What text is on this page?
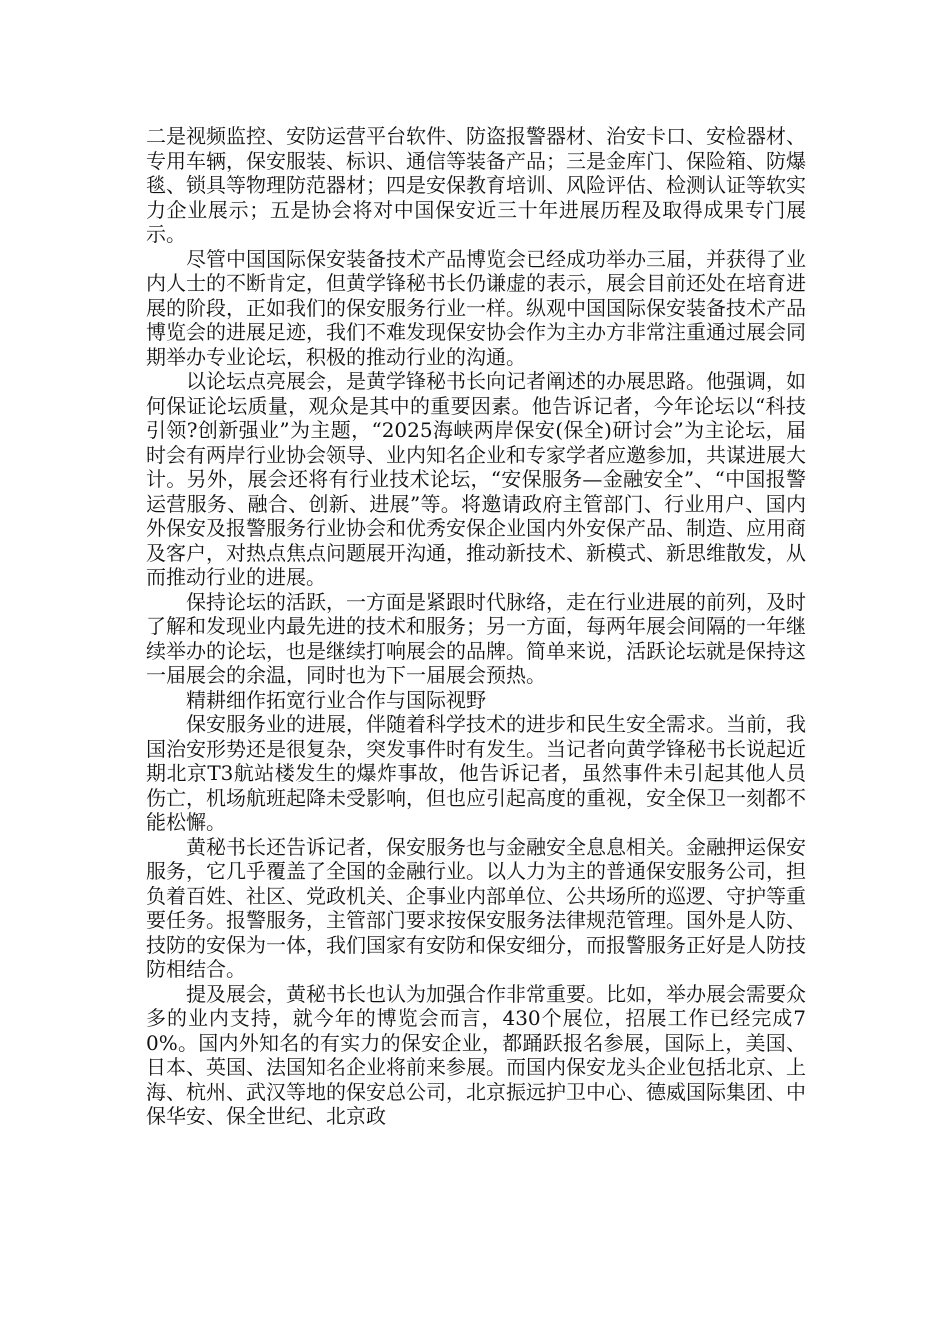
二是视频监控、安防运营平台软件、防盗报警器材、治安卡口、安检器材、专用车辆，保安服装、标识、通信等装备产品；三是金库门、保险箱、防爆毯、锁具等物理防范器材；四是安保教育培训、风险评估、检测认证等软实力企业展示；五是协会将对中国保安近三十年进展历程及取得成果专门展示。

尽管中国国际保安装备技术产品博览会已经成功举办三届，并获得了业内人士的不断肯定，但黄学锋秘书长仍谦虚的表示，展会目前还处在培育进展的阶段，正如我们的保安服务行业一样。纵观中国国际保安装备技术产品博览会的进展足迹，我们不难发现保安协会作为主办方非常注重通过展会同期举办专业论坛，积极的推动行业的沟通。

以论坛点亮展会，是黄学锋秘书长向记者阐述的办展思路。他强调，如何保证论坛质量，观众是其中的重要因素。他告诉记者，今年论坛以“科技引领?创新强业”为主题，“2025海峡两岸保安(保全)研讨会”为主论坛，届时会有两岸行业协会领导、业内知名企业和专家学者应邀参加，共谋进展大计。另外，展会还将有行业技术论坛，“安保服务—金融安全”、“中国报警运营服务、融合、创新、进展”等。将邀请政府主管部门、行业用户、国内外保安及报警服务行业协会和优秀安保企业国内外安保产品、制造、应用商及客户，对热点焦点问题展开沟通，推动新技术、新模式、新思维散发，从而推动行业的进展。

保持论坛的活跃，一方面是紧跟时代脉络，走在行业进展的前列，及时了解和发现业内最先进的技术和服务；另一方面，每两年展会间隔的一年继续举办的论坛，也是继续打响展会的品牌。简单来说，活跃论坛就是保持这一届展会的余温，同时也为下一届展会预热。

精耕细作拓宽行业合作与国际视野

保安服务业的进展，伴随着科学技术的进步和民生安全需求。当前，我国治安形势还是很复杂，突发事件时有发生。当记者向黄学锋秘书长说起近期北京T3航站楼发生的爆炸事故，他告诉记者，虽然事件未引起其他人员伤亡，机场航班起降未受影响，但也应引起高度的重视，安全保卫一刻都不能松懈。

黄秘书长还告诉记者，保安服务也与金融安全息息相关。金融押运保安服务，它几乎覆盖了全国的金融行业。以人力为主的普通保安服务公司，担负着百姓、社区、党政机关、企事业内部单位、公共场所的巡逻、守护等重要任务。报警服务，主管部门要求按保安服务法律规范管理。国外是人防、技防的安保为一体，我们国家有安防和保安细分，而报警服务正好是人防技防相结合。

提及展会，黄秘书长也认为加强合作非常重要。比如，举办展会需要众多的业内支持，就今年的博览会而言，430个展位，招展工作已经完成70%。国内外知名的有实力的保安企业，都踊跃报名参展，国际上，美国、日本、英国、法国知名企业将前来参展。而国内保安龙头企业包括北京、上海、杭州、武汉等地的保安总公司，北京振远护卫中心、德威国际集团、中保华安、保全世纪、北京政
